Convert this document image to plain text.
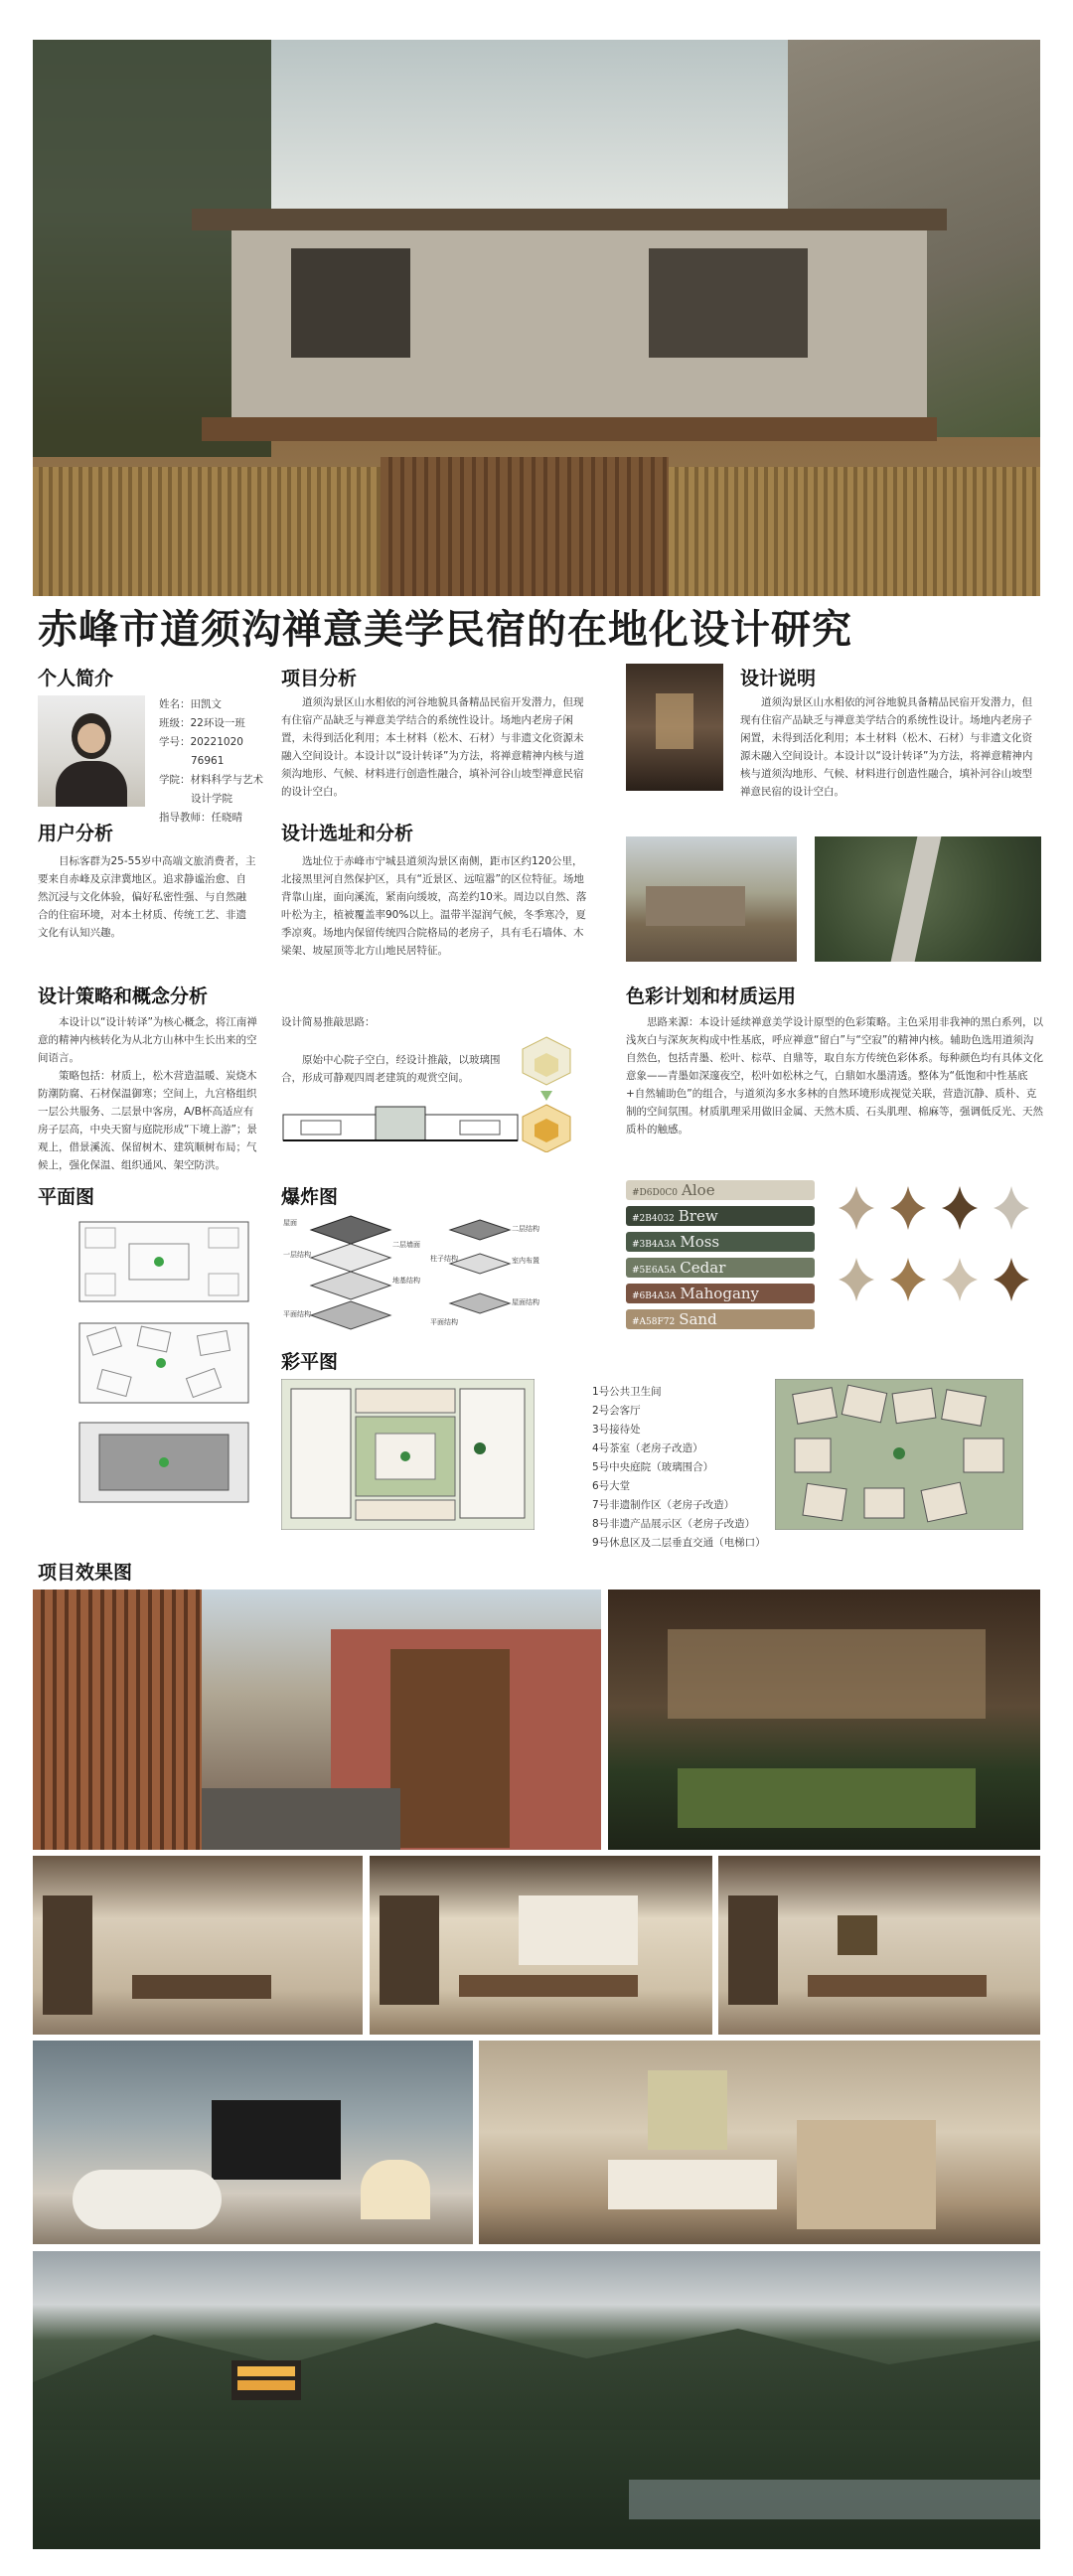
赤峰市道须沟禅意美学民宿的在地化设计研究
个人简介
姓名：田凯文
班级：22环设一班
学号：20221020
76961
学院：材料科学与艺术
设计学院
指导教师：任晓晴
项目分析

道须沟景区山水相依的河谷地貌具备精品民宿开发潜力，但现有住宿产品缺乏与禅意美学结合的系统性设计。场地内老房子闲置，未得到活化利用；本土材料（松木、石材）与非遗文化资源未融入空间设计。本设计以“设计转译”为方法，将禅意精神内核与道须沟地形、气候、材料进行创造性融合，填补河谷山坡型禅意民宿的设计空白。

设计说明

道须沟景区山水相依的河谷地貌具备精品民宿开发潜力，但现有住宿产品缺乏与禅意美学结合的系统性设计。场地内老房子闲置，未得到活化利用；本土材料（松木、石材）与非遗文化资源未融入空间设计。本设计以“设计转译”为方法，将禅意精神内核与道须沟地形、气候、材料进行创造性融合，填补河谷山坡型禅意民宿的设计空白。

用户分析

目标客群为25-55岁中高端文旅消费者，主要来自赤峰及京津冀地区。追求静谧治愈、自然沉浸与文化体验，偏好私密性强、与自然融合的住宿环境，对本土材质、传统工艺、非遗文化有认知兴趣。

设计选址和分析

选址位于赤峰市宁城县道须沟景区南侧，距市区约120公里，北接黑里河自然保护区，具有“近景区、远喧嚣”的区位特征。场地背靠山崖，面向溪流，紧南向缓坡，高差约10米。周边以自然、落叶松为主，植被覆盖率90%以上。温带半湿润气候，冬季寒冷，夏季凉爽。场地内保留传统四合院格局的老房子，具有毛石墙体、木梁架、坡屋顶等北方山地民居特征。

设计策略和概念分析

本设计以“设计转译”为核心概念，将江南禅意的精神内核转化为从北方山林中生长出来的空间语言。

策略包括：材质上，松木营造温暖、炭烧木防潮防腐、石材保温御寒；空间上，九宫格组织一层公共服务、二层景中客房，A/B杯高适应有房子层高，中央天窗与庭院形成“下境上游”；景观上，借景溪流、保留树木、建筑顺树布局；气候上，强化保温、组织通风、架空防洪。

设计简易推敲思路：

原始中心院子空白，经设计推敲，以玻璃围合，形成可静观四周老建筑的观赏空间。

色彩计划和材质运用

思路来源：本设计延续禅意美学设计原型的色彩策略。主色采用非我神的黑白系列，以浅灰白与深灰灰构成中性基底，呼应禅意“留白”与“空寂”的精神内核。辅助色选用道须沟自然色，包括青墨、松叶、棕草、自鼎等，取自东方传统色彩体系。每种颜色均有具体文化意象——青墨如深邃夜空，松叶如松林之气，白鼎如水墨清透。整体为“低饱和中性基底+自然辅助色”的组合，与道须沟多水多林的自然环境形成视觉关联，营造沉静、质朴、克制的空间氛围。材质肌理采用做旧金属、天然木质、石头肌理、棉麻等，强调低反光、天然质朴的触感。

#D6D0C0 Aloe
#2B4032 Brew
#3B4A3A Moss
#5E6A5A Cedar
#6B4A3A Mahogany
#A58F72 Sand
平面图	爆炸图
屋面
一层结构
二层墙面
地基结构
平面结构
二层结构
室内布置
柱子结构
屋面结构
平面结构
彩平图
1号公共卫生间
2号会客厅
3号接待处
4号茶室（老房子改造）
5号中央庭院（玻璃围合）
6号大堂
7号非遗制作区（老房子改造）
8号非遗产品展示区（老房子改造）
9号休息区及二层垂直交通（电梯口）
项目效果图
